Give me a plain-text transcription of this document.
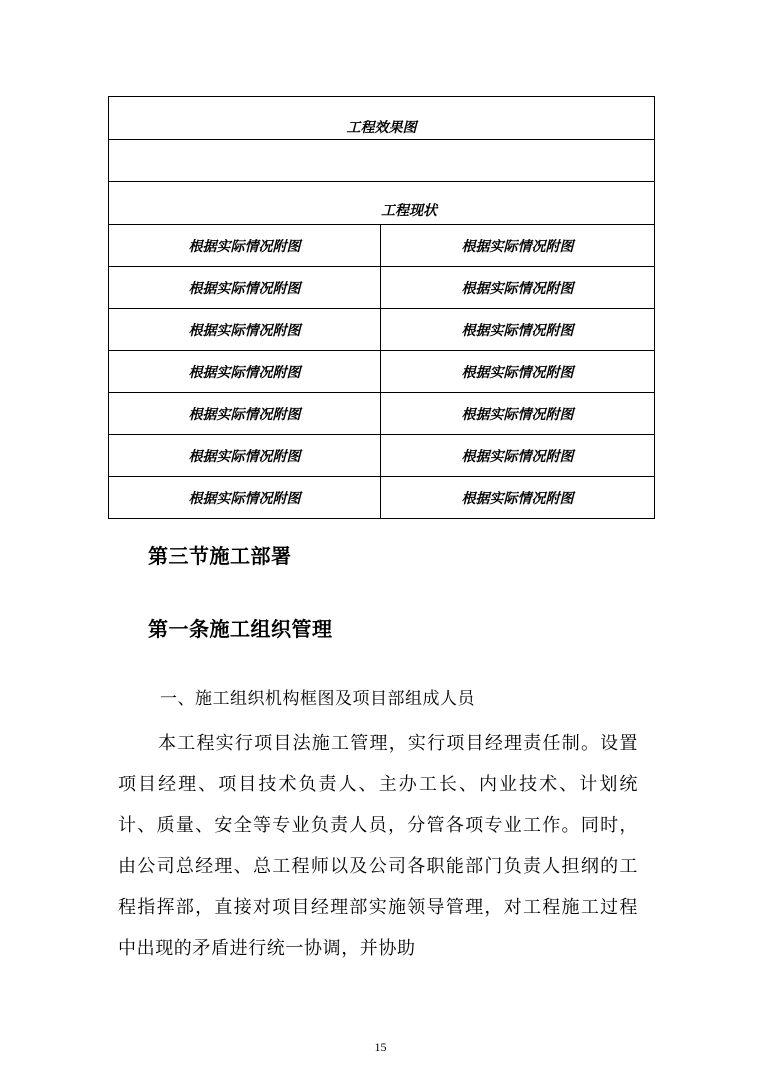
工程效果图	

工程现状	
根据实际情况附图	根据实际情况附图
根据实际情况附图	根据实际情况附图
根据实际情况附图	根据实际情况附图
根据实际情况附图	根据实际情况附图
根据实际情况附图	根据实际情况附图
根据实际情况附图	根据实际情况附图
根据实际情况附图	根据实际情况附图
第三节施工部署
第一条施工组织管理
一、施工组织机构框图及项目部组成人员
本工程实行项目法施工管理，实行项目经理责任制。设置项目经理、项目技术负责人、主办工长、内业技术、计划统计、质量、安全等专业负责人员，分管各项专业工作。同时，由公司总经理、总工程师以及公司各职能部门负责人担纲的工程指挥部，直接对项目经理部实施领导管理，对工程施工过程中出现的矛盾进行统一协调，并协助
15
